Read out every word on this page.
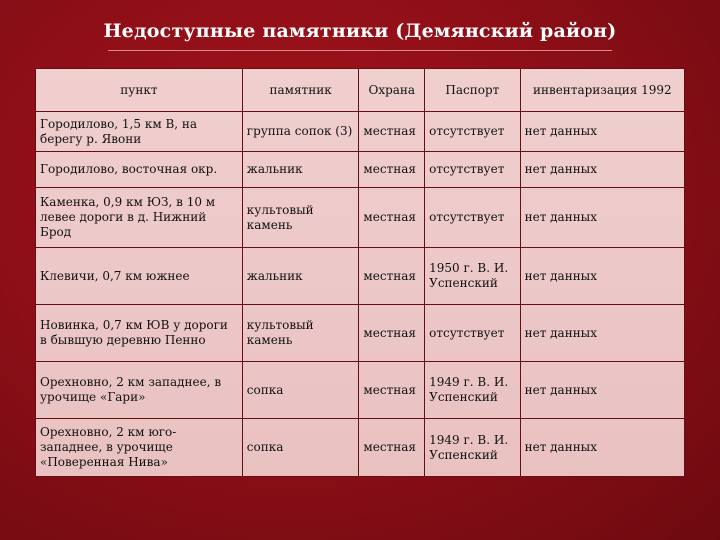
Недоступные памятники (Демянский район)
пункт	памятник	Охрана	Паспорт	инвентаризация 1992
Городилово, 1,5 км В, на берегу р. Явони	группа сопок (3)	местная	отсутствует	нет данных
Городилово, восточная окр.	жальник	местная	отсутствует	нет данных
Каменка, 0,9 км ЮЗ, в 10 м левее дороги в д. Нижний Брод	культовый камень	местная	отсутствует	нет данных
Клевичи, 0,7 км южнее	жальник	местная	1950 г. В. И. Успенский	нет данных
Новинка, 0,7 км ЮВ у дороги в бывшую деревню Пенно	культовый камень	местная	отсутствует	нет данных
Орехновно, 2 км западнее, в урочище «Гари»	сопка	местная	1949 г. В. И. Успенский	нет данных
Орехновно, 2 км юго-западнее, в урочище «Поверенная Нива»	сопка	местная	1949 г. В. И. Успенский	нет данных
